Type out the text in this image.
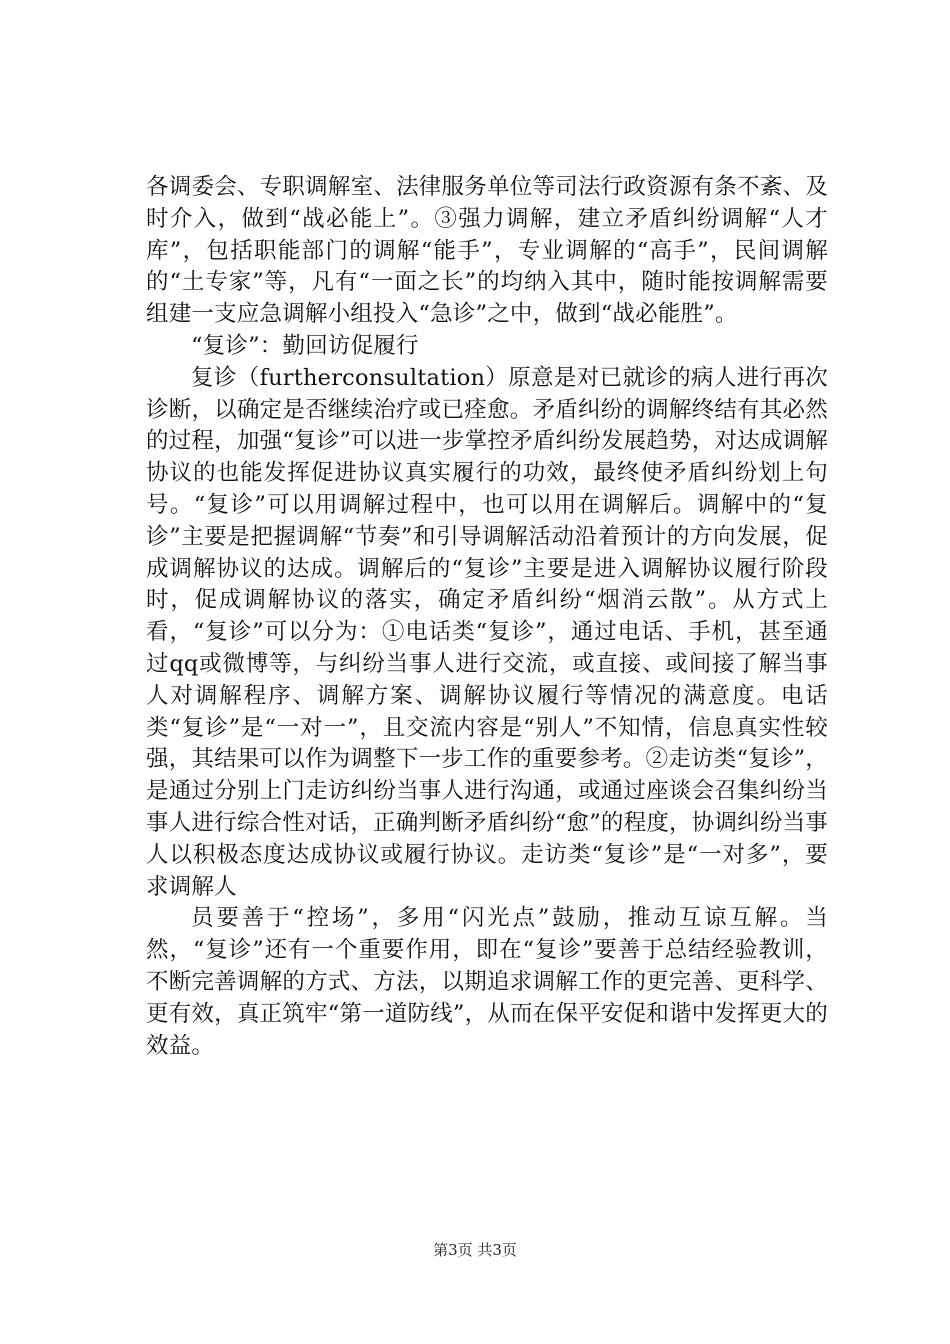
各调委会、专职调解室、法律服务单位等司法行政资源有条不紊、及时介入，做到“战必能上”。③强力调解，建立矛盾纠纷调解“人才库”，包括职能部门的调解“能手”，专业调解的“高手”，民间调解的“土专家”等，凡有“一面之长”的均纳入其中，随时能按调解需要组建一支应急调解小组投入“急诊”之中，做到“战必能胜”。

“复诊”：勤回访促履行

复诊（furtherconsultation）原意是对已就诊的病人进行再次诊断，以确定是否继续治疗或已痊愈。矛盾纠纷的调解终结有其必然的过程，加强“复诊”可以进一步掌控矛盾纠纷发展趋势，对达成调解协议的也能发挥促进协议真实履行的功效，最终使矛盾纠纷划上句号。“复诊”可以用调解过程中，也可以用在调解后。调解中的“复诊”主要是把握调解“节奏”和引导调解活动沿着预计的方向发展，促成调解协议的达成。调解后的“复诊”主要是进入调解协议履行阶段时，促成调解协议的落实，确定矛盾纠纷“烟消云散”。从方式上看，“复诊”可以分为：①电话类“复诊”，通过电话、手机，甚至通过qq或微博等，与纠纷当事人进行交流，或直接、或间接了解当事人对调解程序、调解方案、调解协议履行等情况的满意度。电话类“复诊”是“一对一”，且交流内容是“别人”不知情，信息真实性较强，其结果可以作为调整下一步工作的重要参考。②走访类“复诊”，是通过分别上门走访纠纷当事人进行沟通，或通过座谈会召集纠纷当事人进行综合性对话，正确判断矛盾纠纷“愈”的程度，协调纠纷当事人以积极态度达成协议或履行协议。走访类“复诊”是“一对多”，要求调解人

员要善于“控场”，多用“闪光点”鼓励，推动互谅互解。当然，“复诊”还有一个重要作用，即在“复诊”要善于总结经验教训，不断完善调解的方式、方法，以期追求调解工作的更完善、更科学、更有效，真正筑牢“第一道防线”，从而在保平安促和谐中发挥更大的效益。

第3页 共3页
